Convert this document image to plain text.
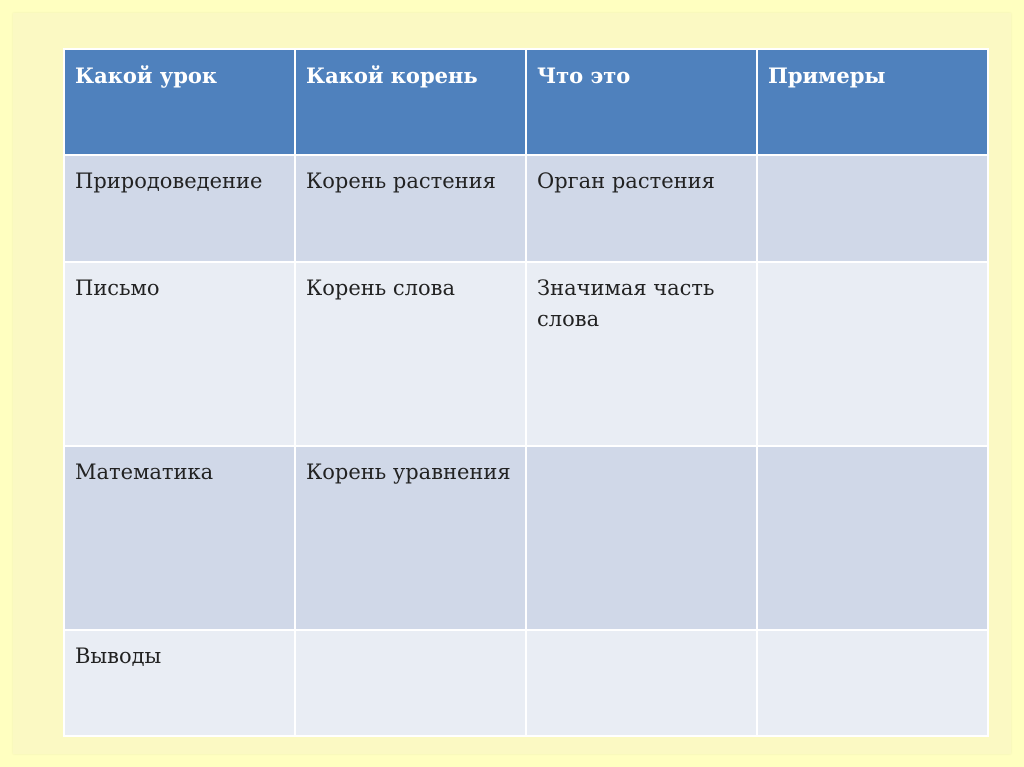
Какой урок	Какой корень	Что это	Примеры
Природоведение	Корень растения	Орган растения	
Письмо	Корень слова	Значимая часть слова	
Математика	Корень уравнения		
Выводы			
